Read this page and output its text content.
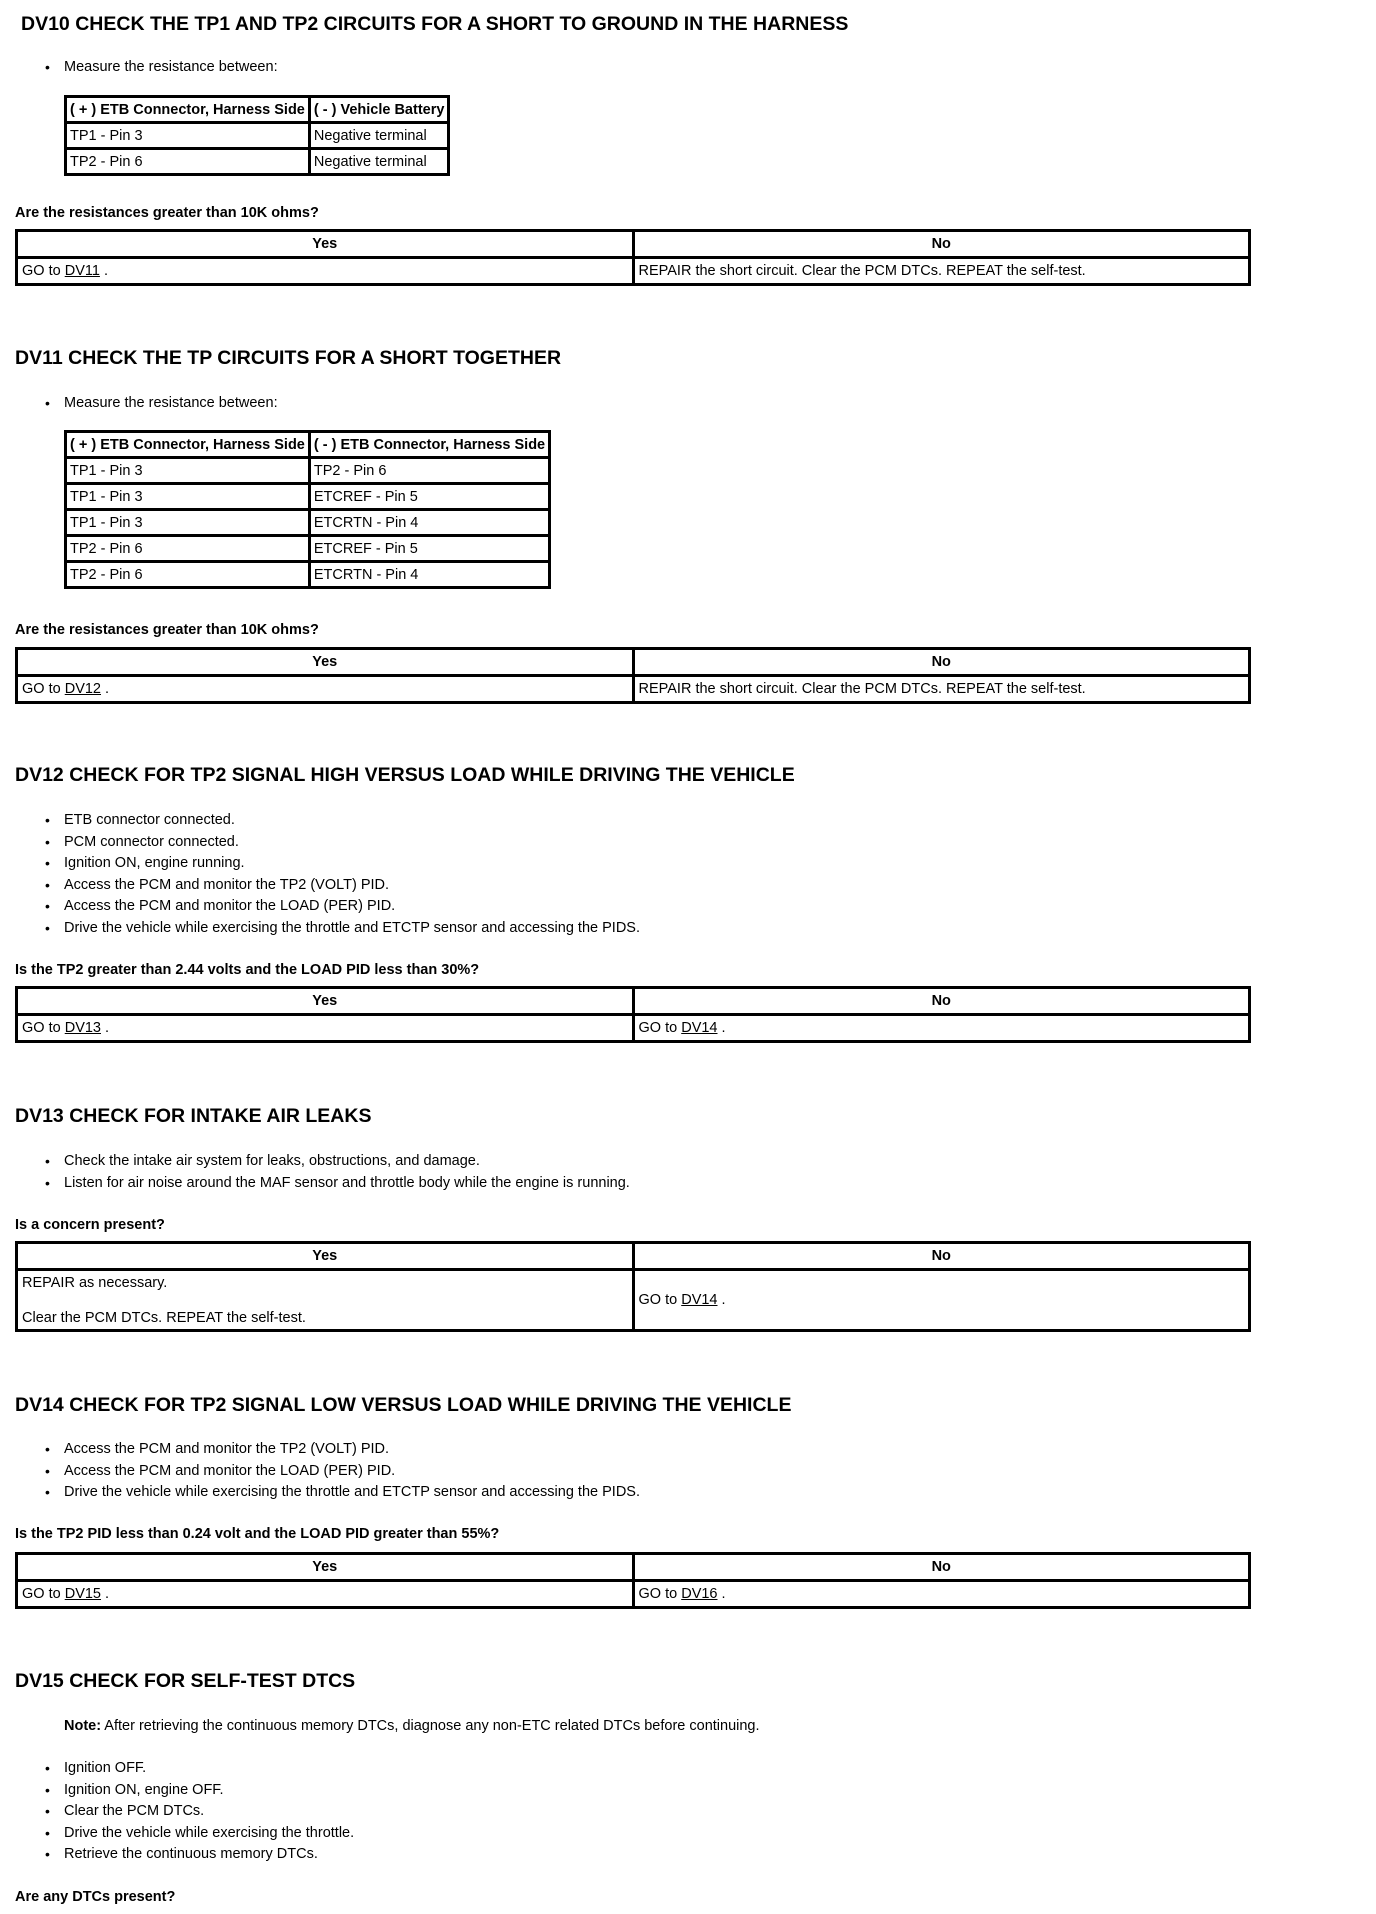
DV10 CHECK THE TP1 AND TP2 CIRCUITS FOR A SHORT TO GROUND IN THE HARNESS
• Measure the resistance between:
( + ) ETB Connector, Harness Side	( - ) Vehicle Battery
TP1 - Pin 3	Negative terminal
TP2 - Pin 6	Negative terminal
Are the resistances greater than 10K ohms?
Yes	No
GO to DV11 .	REPAIR the short circuit. Clear the PCM DTCs. REPEAT the self-test.
DV11 CHECK THE TP CIRCUITS FOR A SHORT TOGETHER
• Measure the resistance between:
( + ) ETB Connector, Harness Side	( - ) ETB Connector, Harness Side
TP1 - Pin 3	TP2 - Pin 6
TP1 - Pin 3	ETCREF - Pin 5
TP1 - Pin 3	ETCRTN - Pin 4
TP2 - Pin 6	ETCREF - Pin 5
TP2 - Pin 6	ETCRTN - Pin 4
Are the resistances greater than 10K ohms?
Yes	No
GO to DV12 .	REPAIR the short circuit. Clear the PCM DTCs. REPEAT the self-test.
DV12 CHECK FOR TP2 SIGNAL HIGH VERSUS LOAD WHILE DRIVING THE VEHICLE
• ETB connector connected.
• PCM connector connected.
• Ignition ON, engine running.
• Access the PCM and monitor the TP2 (VOLT) PID.
• Access the PCM and monitor the LOAD (PER) PID.
• Drive the vehicle while exercising the throttle and ETCTP sensor and accessing the PIDS.
Is the TP2 greater than 2.44 volts and the LOAD PID less than 30%?
Yes	No
GO to DV13 .	GO to DV14 .
DV13 CHECK FOR INTAKE AIR LEAKS
• Check the intake air system for leaks, obstructions, and damage.
• Listen for air noise around the MAF sensor and throttle body while the engine is running.
Is a concern present?
Yes	No

REPAIR as necessary.

Clear the PCM DTCs. REPEAT the self-test.	GO to DV14 .
DV14 CHECK FOR TP2 SIGNAL LOW VERSUS LOAD WHILE DRIVING THE VEHICLE
• Access the PCM and monitor the TP2 (VOLT) PID.
• Access the PCM and monitor the LOAD (PER) PID.
• Drive the vehicle while exercising the throttle and ETCTP sensor and accessing the PIDS.
Is the TP2 PID less than 0.24 volt and the LOAD PID greater than 55%?
Yes	No
GO to DV15 .	GO to DV16 .
DV15 CHECK FOR SELF-TEST DTCS
Note: After retrieving the continuous memory DTCs, diagnose any non-ETC related DTCs before continuing.
• Ignition OFF.
• Ignition ON, engine OFF.
• Clear the PCM DTCs.
• Drive the vehicle while exercising the throttle.
• Retrieve the continuous memory DTCs.
Are any DTCs present?
